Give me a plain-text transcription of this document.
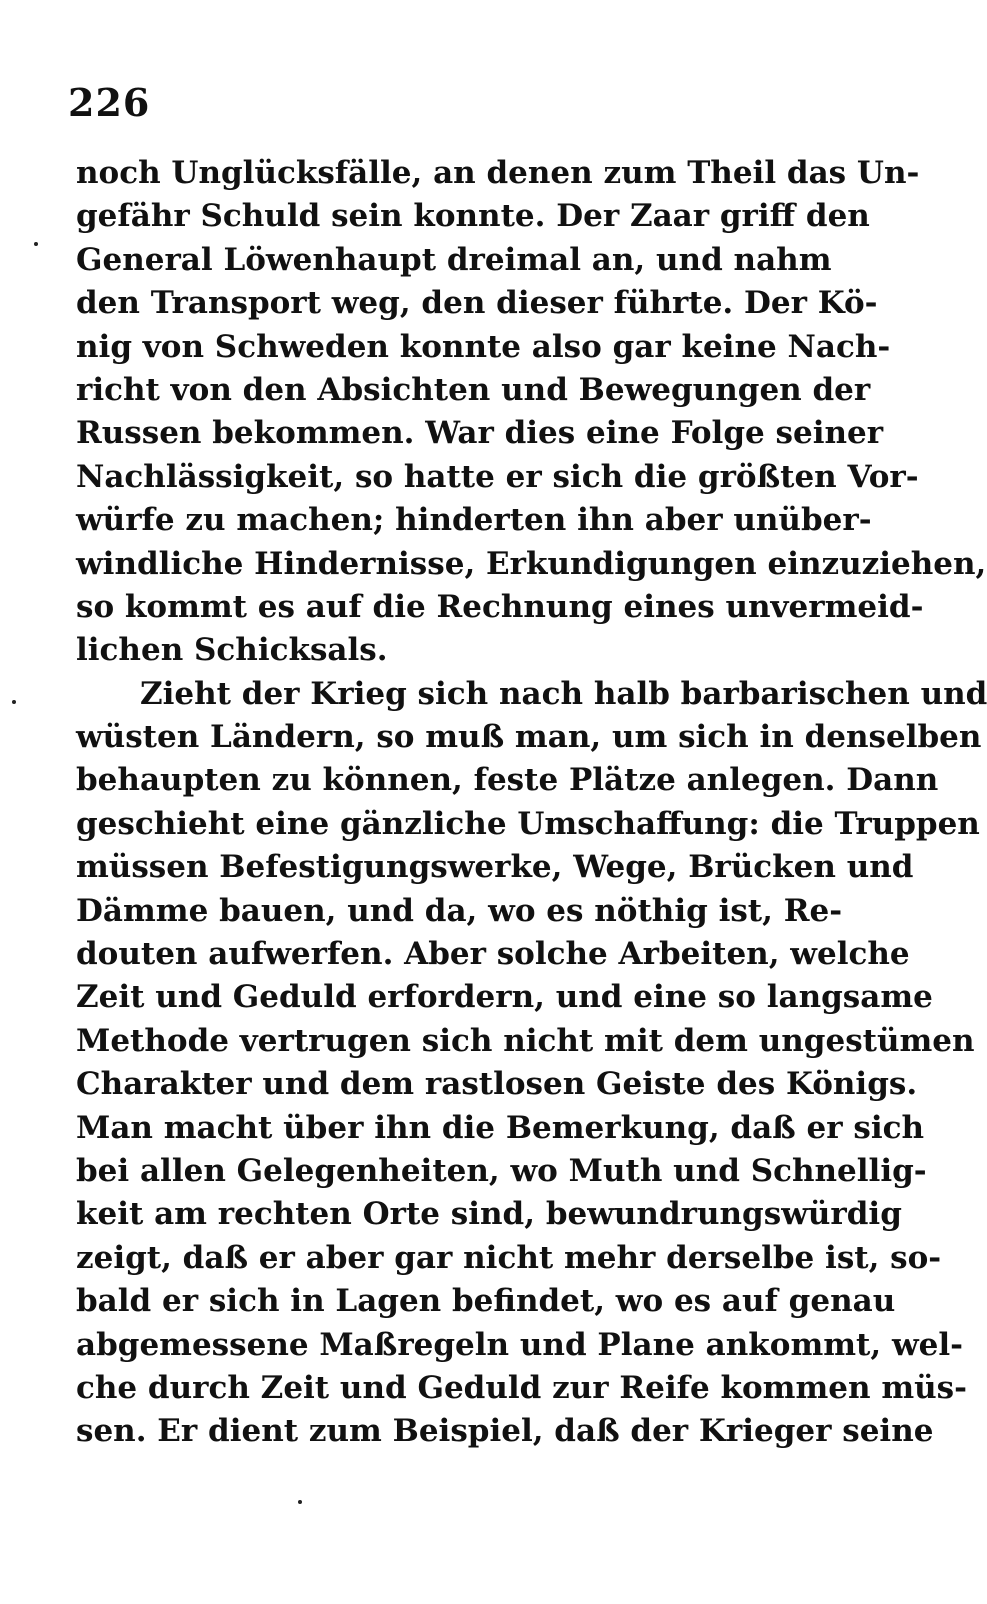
226
noch Unglücksfälle, an denen zum Theil das Un-
gefähr Schuld sein konnte. Der Zaar griff den
General Löwenhaupt dreimal an, und nahm
den Transport weg, den dieser führte. Der Kö-
nig von Schweden konnte also gar keine Nach-
richt von den Absichten und Bewegungen der
Russen bekommen. War dies eine Folge seiner
Nachlässigkeit, so hatte er sich die größten Vor-
würfe zu machen; hinderten ihn aber unüber-
windliche Hindernisse, Erkundigungen einzuziehen,
so kommt es auf die Rechnung eines unvermeid-
lichen Schicksals.
Zieht der Krieg sich nach halb barbarischen und
wüsten Ländern, so muß man, um sich in denselben
behaupten zu können, feste Plätze anlegen. Dann
geschieht eine gänzliche Umschaffung: die Truppen
müssen Befestigungswerke, Wege, Brücken und
Dämme bauen, und da, wo es nöthig ist, Re-
douten aufwerfen. Aber solche Arbeiten, welche
Zeit und Geduld erfordern, und eine so langsame
Methode vertrugen sich nicht mit dem ungestümen
Charakter und dem rastlosen Geiste des Königs.
Man macht über ihn die Bemerkung, daß er sich
bei allen Gelegenheiten, wo Muth und Schnellig-
keit am rechten Orte sind, bewundrungswürdig
zeigt, daß er aber gar nicht mehr derselbe ist, so-
bald er sich in Lagen befindet, wo es auf genau
abgemessene Maßregeln und Plane ankommt, wel-
che durch Zeit und Geduld zur Reife kommen müs-
sen. Er dient zum Beispiel, daß der Krieger seine
